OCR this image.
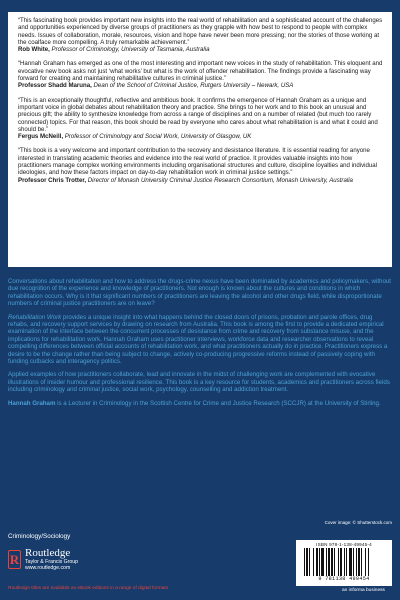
“This fascinating book provides important new insights into the real world of rehabilitation and a sophisticated account of the challenges and opportunities experienced by diverse groups of practitioners as they grapple with how best to respond to people with complex needs. Issues of collaboration, morale, resources, vision and hope have never been more pressing; nor the stories of those working at the coalface more compelling. A truly remarkable achievement.”
Rob White, Professor of Criminology, University of Tasmania, Australia
“Hannah Graham has emerged as one of the most interesting and important new voices in the study of rehabilitation. This eloquent and evocative new book asks not just ‘what works’ but what is the work of offender rehabilitation. The findings provide a fascinating way forward for creating and maintaining rehabilitative cultures in criminal justice.”
Professor Shadd Maruna, Dean of the School of Criminal Justice, Rutgers University – Newark, USA
“This is an exceptionally thoughtful, reflective and ambitious book. It confirms the emergence of Hannah Graham as a unique and important voice in global debates about rehabilitation theory and practice. She brings to her work and to this book an unusual and precious gift; the ability to synthesize knowledge from across a range of disciplines and on a number of related (but much too rarely connected) topics. For that reason, this book should be read by everyone who cares about what rehabilitation is and what it could and should be.”
Fergus McNeill, Professor of Criminology and Social Work, University of Glasgow, UK
“This book is a very welcome and important contribution to the recovery and desistance literature. It is essential reading for anyone interested in translating academic theories and evidence into the real world of practice. It provides valuable insights into how practitioners manage complex working environments including organisational structures and culture, discipline loyalties and individual ideologies, and how these factors impact on day-to-day rehabilitation work in criminal justice settings.”
Professor Chris Trotter, Director of Monash University Criminal Justice Research Consortium, Monash University, Australia

Conversations about rehabilitation and how to address the drugs-crime nexus have been dominated by academics and policymakers, without due recognition of the experience and knowledge of practitioners. Not enough is known about the cultures and conditions in which rehabilitation occurs. Why is it that significant numbers of practitioners are leaving the alcohol and other drugs field, while disproportionate numbers of criminal justice practitioners are on leave?

Rehabilitation Work provides a unique insight into what happens behind the closed doors of prisons, probation and parole offices, drug rehabs, and recovery support services by drawing on research from Australia. This book is among the first to provide a dedicated empirical examination of the interface between the concurrent processes of desistance from crime and recovery from substance misuse, and the implications for rehabilitation work. Hannah Graham uses practitioner interviews, workforce data and researcher observations to reveal compelling differences between official accounts of rehabilitation work, and what practitioners actually do in practice. Practitioners express a desire to be the change rather than being subject to change, actively co-producing progressive reforms instead of passively coping with funding cutbacks and interagency politics.

Applied examples of how practitioners collaborate, lead and innovate in the midst of challenging work are complemented with evocative illustrations of insider humour and professional resilience. This book is a key resource for students, academics and practitioners across fields including criminology and criminal justice, social work, psychology, counselling and addiction treatment.

Hannah Graham is a Lecturer in Criminology in the Scottish Centre for Crime and Justice Research (SCCJR) at the University of Stirling.

Cover image: © Shutterstock.com
Criminology/Sociology
R Routledge
Taylor & Francis Group
www.routledge.com
Routledge titles are available as eBook editions in a range of digital formats
ISBN 978-1-138-49945-4
9 781138 499454
an informa business
